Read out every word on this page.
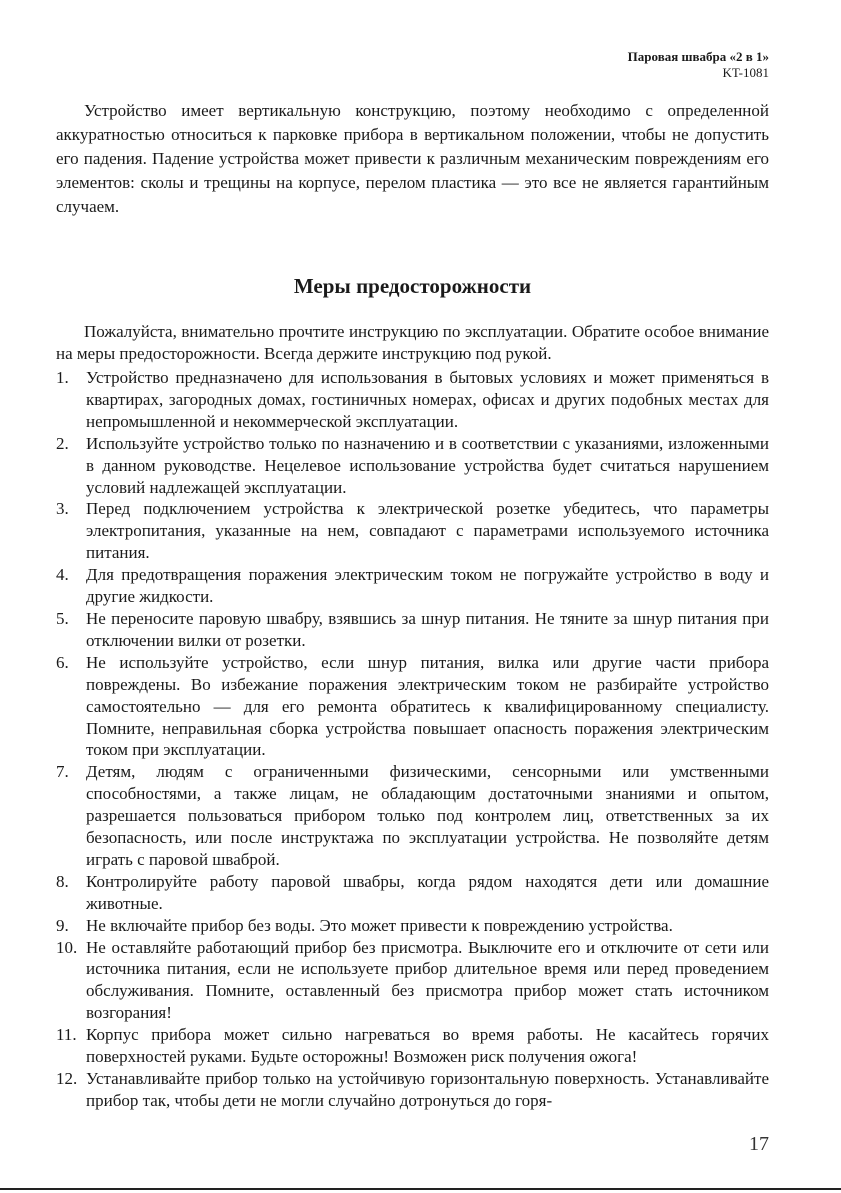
Паровая швабра «2 в 1»
KT-1081

Устройство имеет вертикальную конструкцию, поэтому необходимо с определенной аккуратностью относиться к парковке прибора в вертикальном положении, чтобы не допустить его падения. Падение устройства может привести к различным механическим повреждениям его элементов: сколы и трещины на корпусе, перелом пластика — это все не является гарантийным случаем.

Меры предосторожности

Пожалуйста, внимательно прочтите инструкцию по эксплуатации. Обратите особое внимание на меры предосторожности. Всегда держите инструкцию под рукой.

1. Устройство предназначено для использования в бытовых условиях и может применяться в квартирах, загородных домах, гостиничных номерах, офисах и других подобных местах для непромышленной и некоммерческой эксплуатации.
2. Используйте устройство только по назначению и в соответствии с указаниями, изложенными в данном руководстве. Нецелевое использование устройства будет считаться нарушением условий надлежащей эксплуатации.
3. Перед подключением устройства к электрической розетке убедитесь, что параметры электропитания, указанные на нем, совпадают с параметрами используемого источника питания.
4. Для предотвращения поражения электрическим током не погружайте устройство в воду и другие жидкости.
5. Не переносите паровую швабру, взявшись за шнур питания. Не тяните за шнур питания при отключении вилки от розетки.
6. Не используйте устройство, если шнур питания, вилка или другие части прибора повреждены. Во избежание поражения электрическим током не разбирайте устройство самостоятельно — для его ремонта обратитесь к квалифицированному специалисту. Помните, неправильная сборка устройства повышает опасность поражения электрическим током при эксплуатации.
7. Детям, людям с ограниченными физическими, сенсорными или умственными способностями, а также лицам, не обладающим достаточными знаниями и опытом, разрешается пользоваться прибором только под контролем лиц, ответственных за их безопасность, или после инструктажа по эксплуатации устройства. Не позволяйте детям играть с паровой шваброй.
8. Контролируйте работу паровой швабры, когда рядом находятся дети или домашние животные.
9. Не включайте прибор без воды. Это может привести к повреждению устройства.
10. Не оставляйте работающий прибор без присмотра. Выключите его и отключите от сети или источника питания, если не используете прибор длительное время или перед проведением обслуживания. Помните, оставленный без присмотра прибор может стать источником возгорания!
11. Корпус прибора может сильно нагреваться во время работы. Не касайтесь горячих поверхностей руками. Будьте осторожны! Возможен риск получения ожога!
12. Устанавливайте прибор только на устойчивую горизонтальную поверхность. Устанавливайте прибор так, чтобы дети не могли случайно дотронуться до горя-
17
